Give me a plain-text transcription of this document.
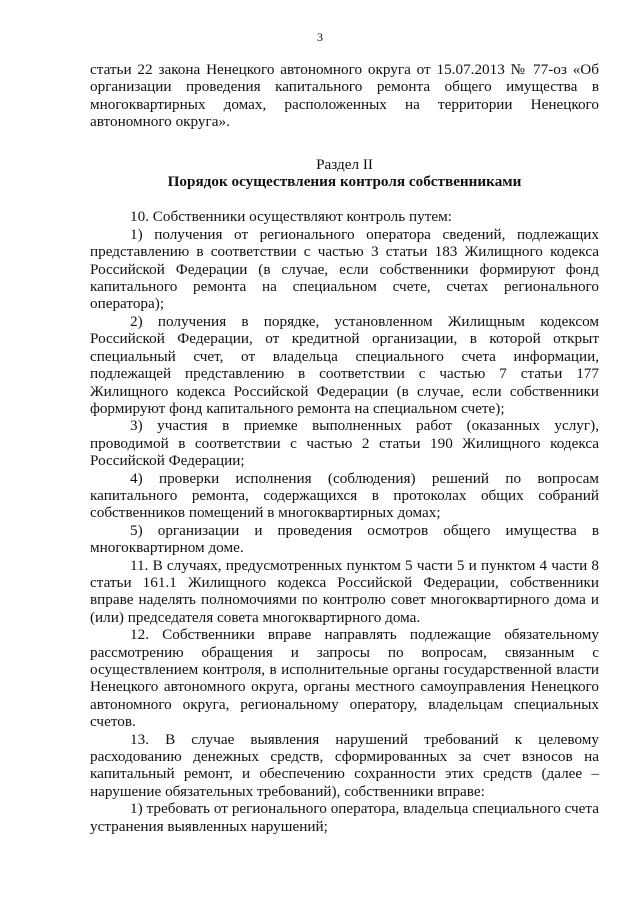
3

статьи 22 закона Ненецкого автономного округа от 15.07.2013 № 77-оз «Об организации проведения капитального ремонта общего имущества в многоквартирных домах, расположенных на территории Ненецкого автономного округа».

Раздел II

Порядок осуществления контроля собственниками

10. Собственники осуществляют контроль путем:

1) получения от регионального оператора сведений, подлежащих представлению в соответствии с частью 3 статьи 183 Жилищного кодекса Российской Федерации (в случае, если собственники формируют фонд капитального ремонта на специальном счете, счетах регионального оператора);

2) получения в порядке, установленном Жилищным кодексом Российской Федерации, от кредитной организации, в которой открыт специальный счет, от владельца специального счета информации, подлежащей представлению в соответствии с частью 7 статьи 177 Жилищного кодекса Российской Федерации (в случае, если собственники формируют фонд капитального ремонта на специальном счете);

3) участия в приемке выполненных работ (оказанных услуг), проводимой в соответствии с частью 2 статьи 190 Жилищного кодекса Российской Федерации;

4) проверки исполнения (соблюдения) решений по вопросам капитального ремонта, содержащихся в протоколах общих собраний собственников помещений в многоквартирных домах;

5) организации и проведения осмотров общего имущества в многоквартирном доме.

11. В случаях, предусмотренных пунктом 5 части 5 и пунктом 4 части 8 статьи 161.1 Жилищного кодекса Российской Федерации, собственники вправе наделять полномочиями по контролю совет многоквартирного дома и (или) председателя совета многоквартирного дома.

12. Собственники вправе направлять подлежащие обязательному рассмотрению обращения и запросы по вопросам, связанным с осуществлением контроля, в исполнительные органы государственной власти Ненецкого автономного округа, органы местного самоуправления Ненецкого автономного округа, региональному оператору, владельцам специальных счетов.

13. В случае выявления нарушений требований к целевому расходованию денежных средств, сформированных за счет взносов на капитальный ремонт, и обеспечению сохранности этих средств (далее – нарушение обязательных требований), собственники вправе:

1) требовать от регионального оператора, владельца специального счета устранения выявленных нарушений;
